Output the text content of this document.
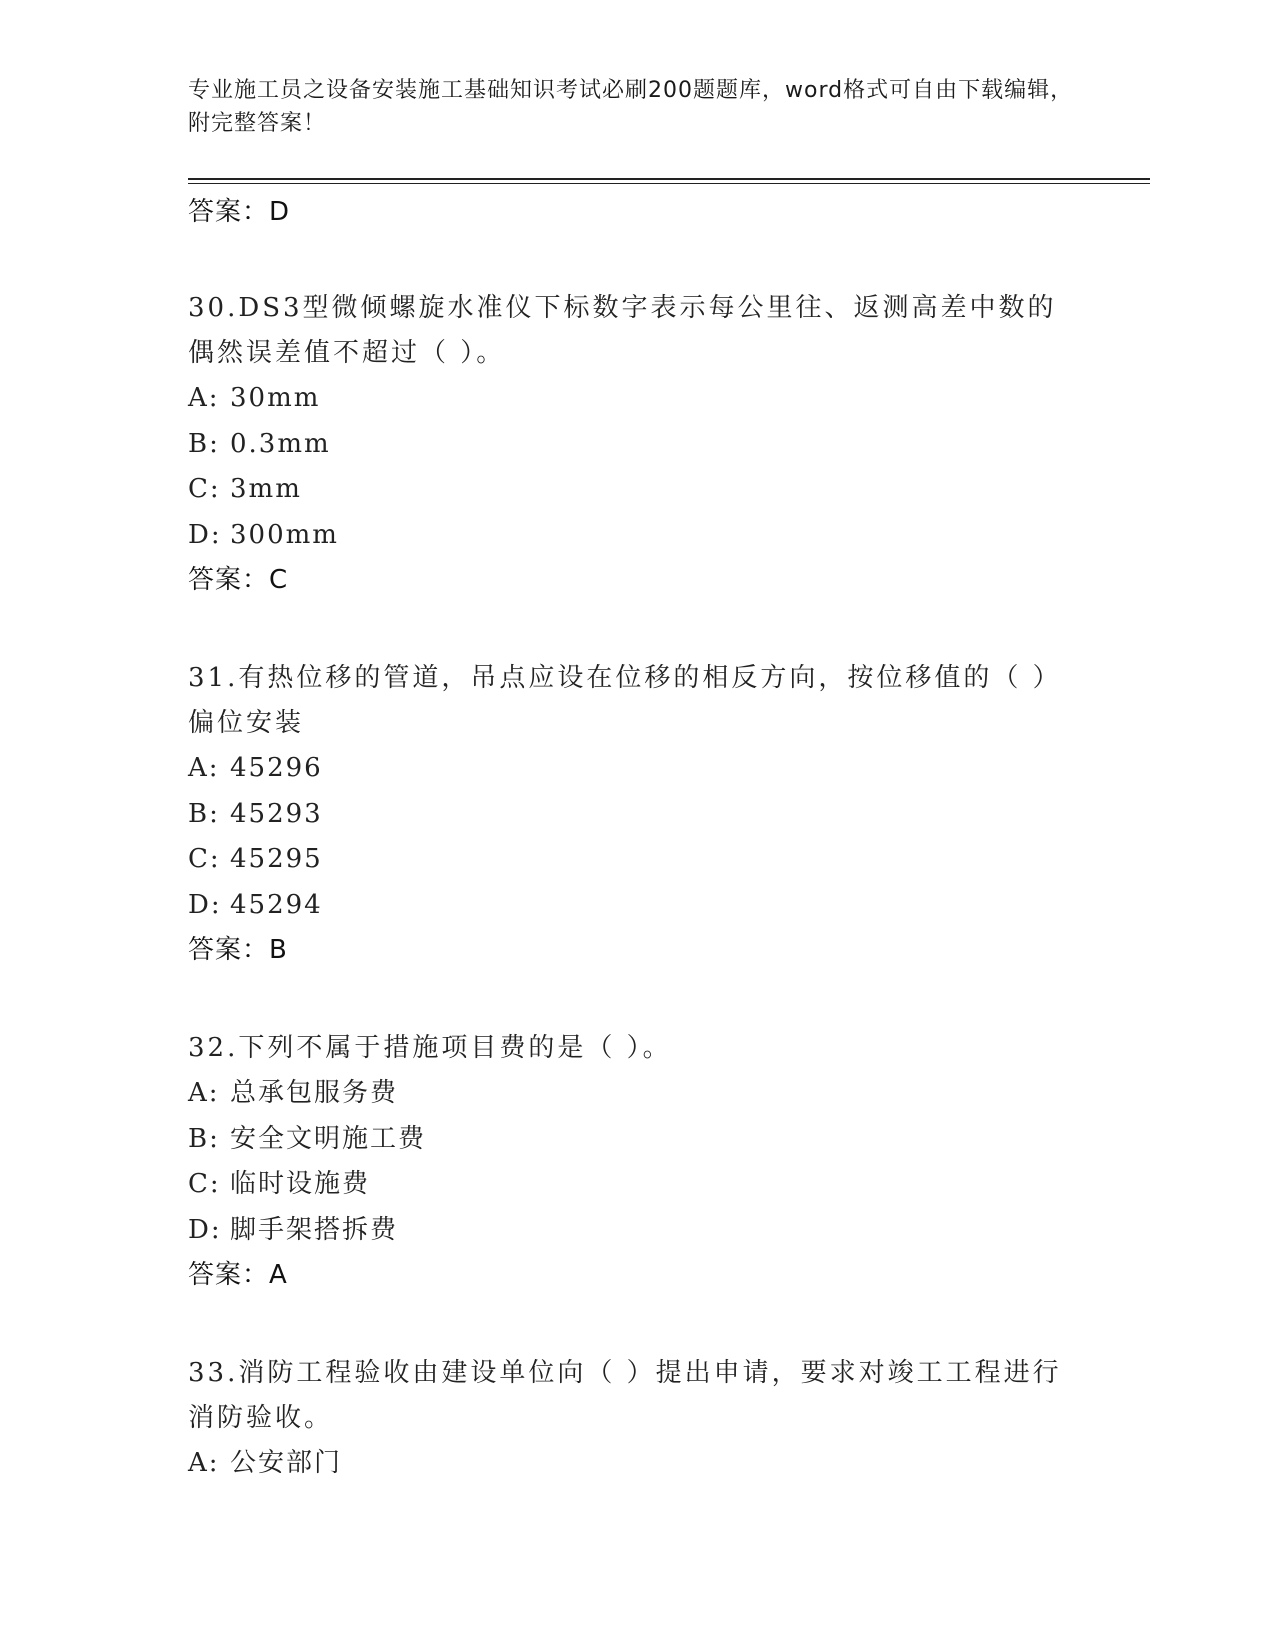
专业施工员之设备安装施工基础知识考试必刷200题题库，word格式可自由下载编辑，附完整答案！
答案：D
30.DS3型微倾螺旋水准仪下标数字表示每公里往、返测高差中数的偶然误差值不超过（ ）。
A: 30mm
B: 0.3mm
C: 3mm
D: 300mm
答案：C
31.有热位移的管道，吊点应设在位移的相反方向，按位移值的（ ）偏位安装
A: 45296
B: 45293
C: 45295
D: 45294
答案：B
32.下列不属于措施项目费的是（ ）。
A: 总承包服务费
B: 安全文明施工费
C: 临时设施费
D: 脚手架搭拆费
答案：A
33.消防工程验收由建设单位向（ ）提出申请，要求对竣工工程进行消防验收。
A: 公安部门
